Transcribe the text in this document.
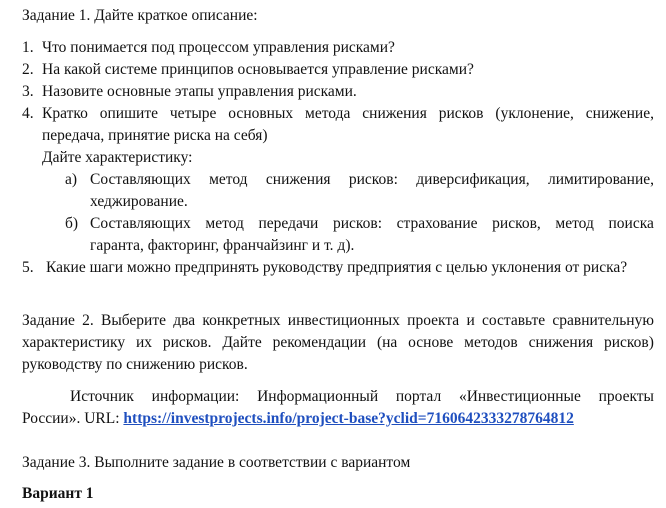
Задание 1. Дайте краткое описание:
1. Что понимается под процессом управления рисками?
2. На какой системе принципов основывается управление рисками?
3. Назовите основные этапы управления рисками.
4. Кратко опишите четыре основных метода снижения рисков (уклонение, снижение,
передача, принятие риска на себя)
Дайте характеристику:
а) Составляющих метод снижения рисков: диверсификация, лимитирование,
хеджирование.
б) Составляющих метод передачи рисков: страхование рисков, метод поиска
гаранта, факторинг, франчайзинг и т. д).
5. Какие шаги можно предпринять руководству предприятия с целью уклонения от риска?
Задание 2. Выберите два конкретных инвестиционных проекта и составьте сравнительную
характеристику их рисков. Дайте рекомендации (на основе методов снижения рисков)
руководству по снижению рисков.
Источник информации: Информационный портал «Инвестиционные проекты
России». URL: https://investprojects.info/project-base?yclid=7160642333278764812
Задание 3. Выполните задание в соответствии с вариантом
Вариант 1
